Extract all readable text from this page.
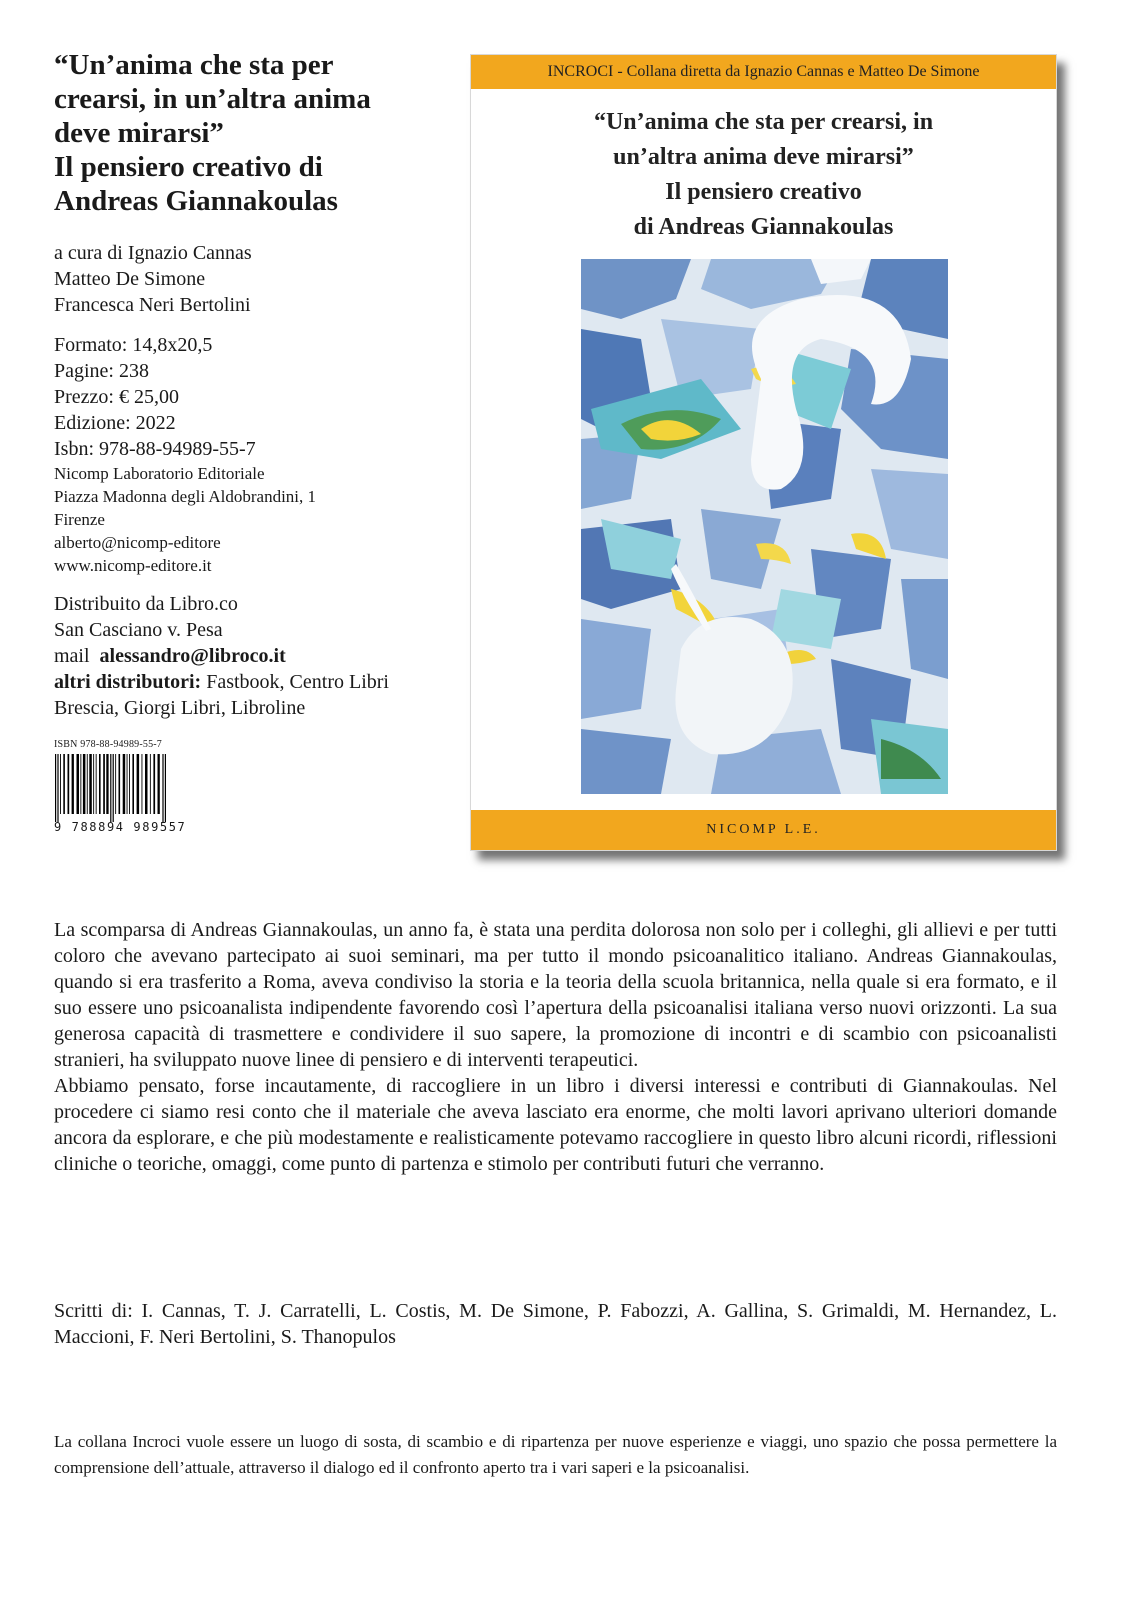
“Un’anima che sta per
crearsi, in un’altra anima
deve mirarsi”
Il pensiero creativo di
Andreas Giannakoulas
a cura di Ignazio Cannas
Matteo De Simone
Francesca Neri Bertolini
Formato: 14,8x20,5
Pagine: 238
Prezzo: € 25,00
Edizione: 2022
Isbn: 978-88-94989-55-7
Nicomp Laboratorio Editoriale
Piazza Madonna degli Aldobrandini, 1
Firenze
alberto@nicomp-editore
www.nicomp-editore.it
Distribuito da Libro.co
San Casciano v. Pesa
mail alessandro@libroco.it
altri distributori: Fastbook, Centro Libri
Brescia, Giorgi Libri, Libroline
ISBN 978-88-94989-55-7
9 788894 989557
INCROCI - Collana diretta da Ignazio Cannas e Matteo De Simone
“Un’anima che sta per crearsi, in
un’altra anima deve mirarsi”
Il pensiero creativo
di Andreas Giannakoulas
NICOMP L.E.

La scomparsa di Andreas Giannakoulas, un anno fa, è stata una perdita dolorosa non solo per i colleghi, gli allievi e per tutti coloro che avevano partecipato ai suoi seminari, ma per tutto il mondo psicoanalitico italiano. Andreas Giannakoulas, quando si era trasferito a Roma, aveva condiviso la storia e la teoria della scuola britannica, nella quale si era formato, e il suo essere uno psicoanalista indipendente favorendo così l’apertura della psicoanalisi italiana verso nuovi orizzonti. La sua generosa capacità di trasmettere e condividere il suo sapere, la promozione di incontri e di scambio con psicoanalisti stranieri, ha sviluppato nuove linee di pensiero e di interventi terapeutici.

Abbiamo pensato, forse incautamente, di raccogliere in un libro i diversi interessi e contributi di Giannakoulas. Nel procedere ci siamo resi conto che il materiale che aveva lasciato era enorme, che molti lavori aprivano ulteriori domande ancora da esplorare, e che più modestamente e realisticamente potevamo raccogliere in questo libro alcuni ricordi, riflessioni cliniche o teoriche, omaggi, come punto di partenza e stimolo per contributi futuri che verranno.

Scritti di: I. Cannas, T. J. Carratelli, L. Costis, M. De Simone, P. Fabozzi, A. Gallina, S. Grimaldi, M. Hernandez, L. Maccioni, F. Neri Bertolini, S. Thanopulos
La collana Incroci vuole essere un luogo di sosta, di scambio e di ripartenza per nuove esperienze e viaggi, uno spazio che possa permettere la comprensione dell’attuale, attraverso il dialogo ed il confronto aperto tra i vari saperi e la psicoanalisi.
